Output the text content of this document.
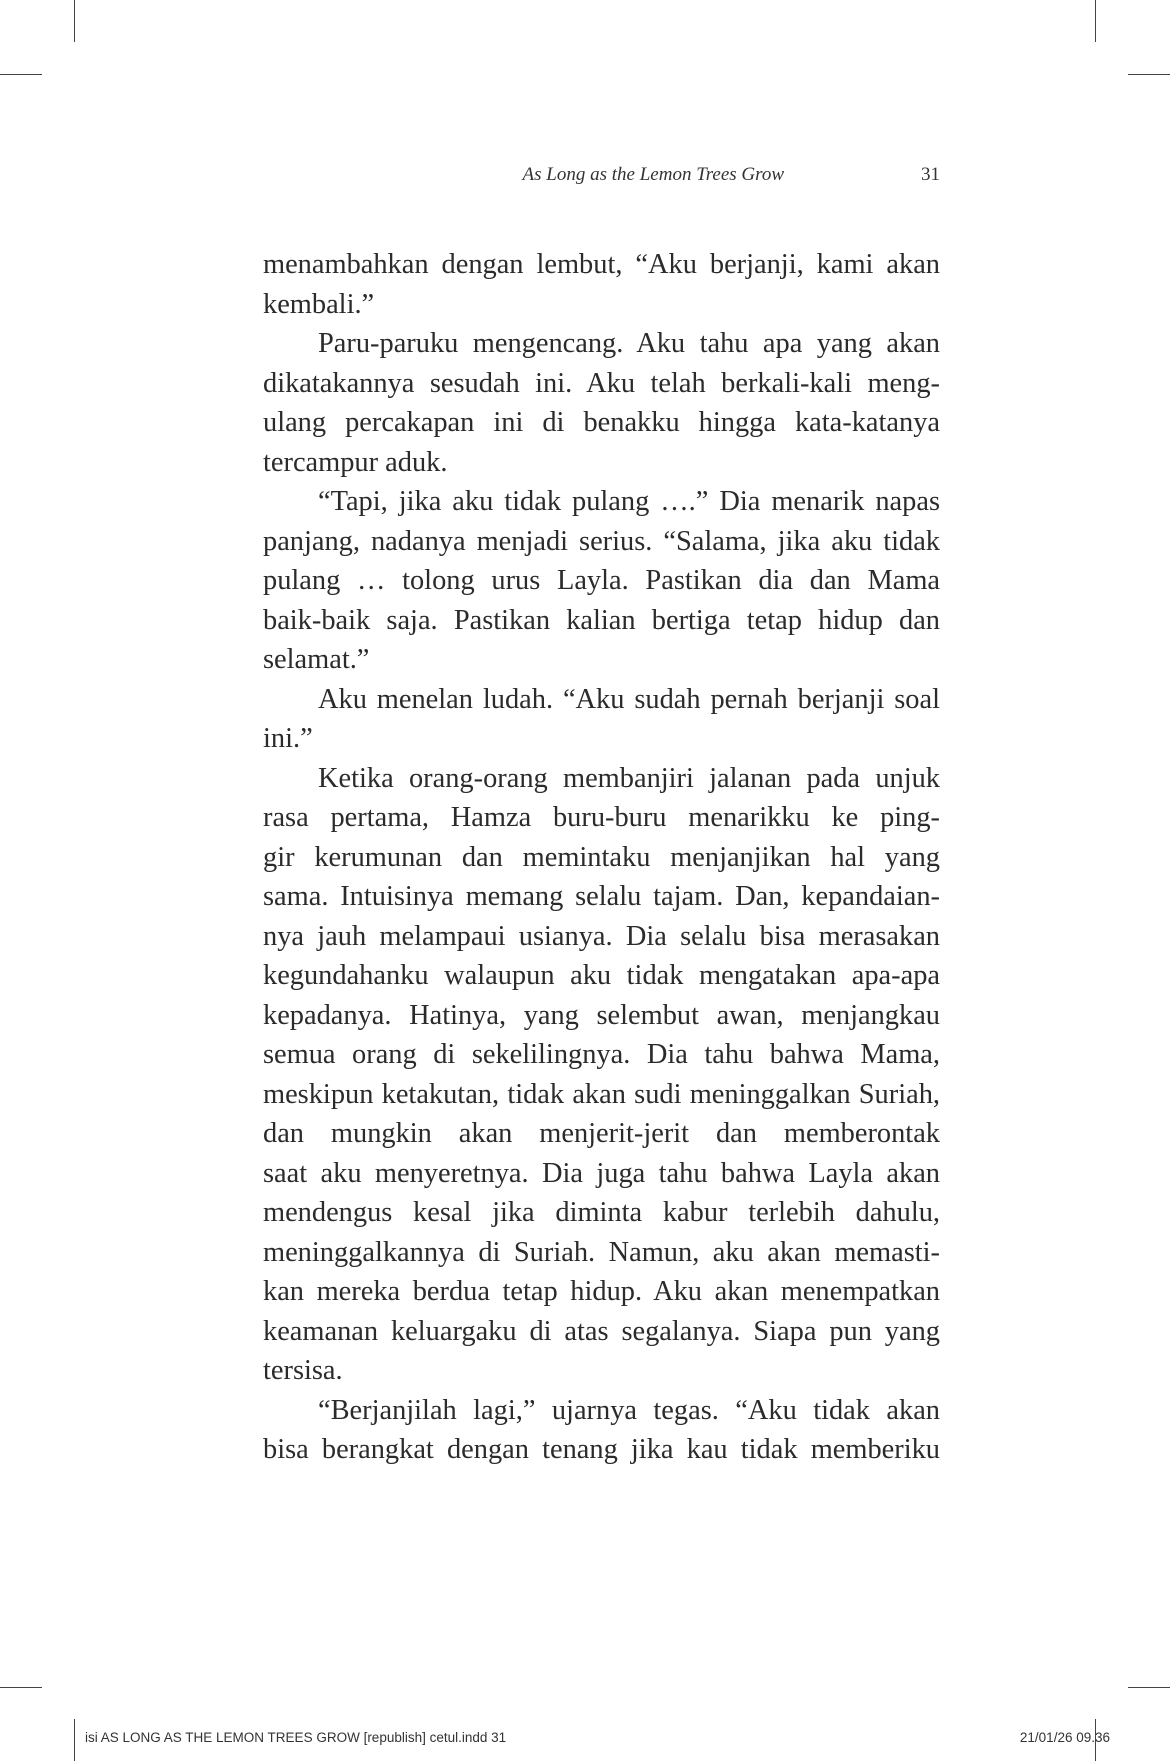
As Long as the Lemon Trees Grow	31
menambahkan dengan lembut, “Aku berjanji, kami akan
kembali.”
Paru-paruku mengencang. Aku tahu apa yang akan
dikatakannya sesudah ini. Aku telah berkali-kali meng-
ulang percakapan ini di benakku hingga kata-katanya
tercampur aduk.
“Tapi, jika aku tidak pulang ….” Dia menarik napas
panjang, nadanya menjadi serius. “Salama, jika aku tidak
pulang … tolong urus Layla. Pastikan dia dan Mama
baik-baik saja. Pastikan kalian bertiga tetap hidup dan
selamat.”
Aku menelan ludah. “Aku sudah pernah berjanji soal
ini.”
Ketika orang-orang membanjiri jalanan pada unjuk
rasa pertama, Hamza buru-buru menarikku ke ping-
gir kerumunan dan memintaku menjanjikan hal yang
sama. Intuisinya memang selalu tajam. Dan, kepandaian-
nya jauh melampaui usianya. Dia selalu bisa merasakan
kegundahanku walaupun aku tidak mengatakan apa-apa
kepadanya. Hatinya, yang selembut awan, menjangkau
semua orang di sekelilingnya. Dia tahu bahwa Mama,
meskipun ketakutan, tidak akan sudi meninggalkan Suriah,
dan mungkin akan menjerit-jerit dan memberontak
saat aku menyeretnya. Dia juga tahu bahwa Layla akan
mendengus kesal jika diminta kabur terlebih dahulu,
meninggalkannya di Suriah. Namun, aku akan memasti-
kan mereka berdua tetap hidup. Aku akan menempatkan
keamanan keluargaku di atas segalanya. Siapa pun yang
tersisa.
“Berjanjilah lagi,” ujarnya tegas. “Aku tidak akan
bisa berangkat dengan tenang jika kau tidak memberiku
isi AS LONG AS THE LEMON TREES GROW [republish] cetul.indd 31	21/01/26 09.36
